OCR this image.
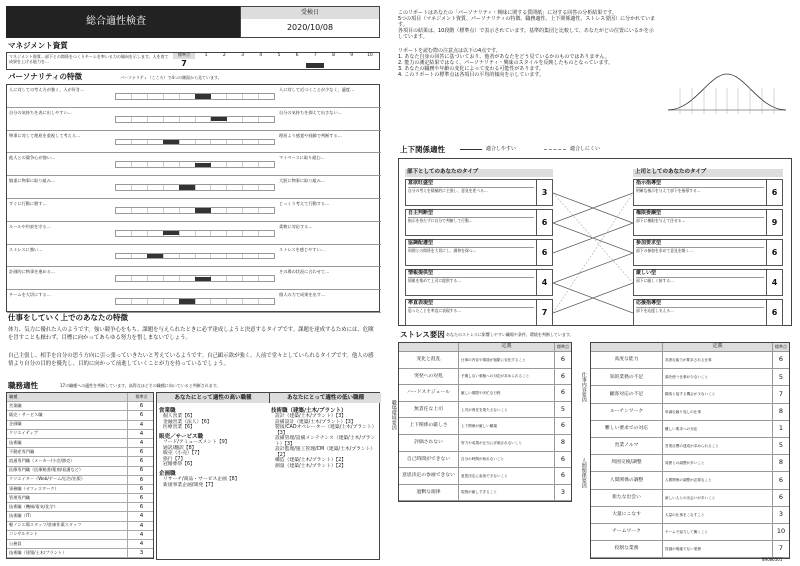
総合適性検査
受検日
2020/10/08
マネジメント資質
マネジメント資質…部下との関係をつくりチームを率いる力の傾向を示します。人を育て成果を上げる能力を…
標準点
7
1	2	3	4	5	6	7	8	9	10
パーソナリティの特徴	パーソナリティ（こころ）で4つの側面から見ています。
人に対しての考え方が強く、人が好き…	人に対して近づくことが少なく、適度…
自分の気持ちを表に出しやすい…	自分の気持ちを抑えて出さない…
物事に対して理屈を重視して考える…	理屈より感覚や経験で判断する…
他人との競争心が強い…	マイペースに取り組む…
慎重に物事に取り組み…	大胆に物事に取り組み…
すぐに行動に移す…	じっくり考えて行動する…
ルールや約束を守る…	柔軟に対応する…
ストレスに強い…	ストレスを感じやすい…
計画的に物事を進める…	その場の状況に合わせて…
チームを大切にする…	個人の力で成果を出す…
仕事をしていく上でのあなたの特徴
体力、気力に優れた人のようです。強い競争心をもち、課題を与えられたときに必ず達成しようと決意するタイプです。課題を達成するためには、危険を冒すことも厭わず、目標に向かってあらゆる努力を惜しまないでしょう。
自己主張し、相手を自分の思う方向に引っ張っていきたいと考えているようです。自己顕示欲が強く、人前で堂々としていられるタイプです。他人の感情より自分の目的を優先し、目的に向かって前進していくことが力を持っているでしょう。
職務適性	17の職種への適性を判断しています。高得点ほどその職種に向いていると判断されます。
職種	標準点
営業職	6
販売・サービス職	6
企画職	4
クリエイティブ	4
技術職	4
不動産専門職	6
流通専門職（メーカー/小売/卸売）	6
医療専門職（医療秘書/薬剤/看護など）	6
クリエイター（Web/ゲーム/広告/出版）	6
事務職（オフィスワーク）	6
管理専門職	6
技術職（機械/電気/化学）	6
技術職（IT）	4
軽ノンエ場スタッフ/倉庫作業スタッフ	4
コンサルタント	4
公務員	4
技術職（建築/土木/プラント）	3
あなたにとって適性の高い職種	あなたにとって適性の低い職種
営業職
個人営業【6】
金融営業（法人）【6】
医療営業【6】
販売／サービス職
フード/アミューズメント【9】
通訳/翻訳【8】
販売（小売）【7】
旅行【7】
冠婚葬祭【6】
企画職
リサーチ/商品・サービス企画【8】
新規事業企画/開発【7】
技術職（建築/土木/プラント）
設計（建築/土木/プラント）【3】
設備設計（建築/土木/プラント）【3】
製図/CADオペレーター（建築/土木/プラント）【3】
設備管理/設備メンテナンス（建築/土木/プラント）【3】
設計監理/施工管理/CM（建築/土木/プラント）【2】
構造（建築/土木/プラント）【2】
測量（建築/土木/プラント）【2】
このリポートはあなたの「パーソナリティ・興味に関する質問紙」に対する回答の分析結果です。
5つの項目（マネジメント資質、パーソナリティの特徴、職務適性、上下関係適性、ストレス要因）に分かれています。
各項目の結果は、10段階（標準点）で表示されています。基準的集団と比較して、あなたがどの位置にいるかを示しています。
リポートを読む際の注意点は以下の4点です。
1. あなた自身の回答に基づいており、他者があなたをどう見ているかのものではありません。
2. 能力の測定結果ではなく、パーソナリティ・興味のスタイルを反映したものとなっています。
3. あなたの職務や年齢の変化によって変わる可能性があります。
4. このリポートの標準点は各項目の平均的傾向を示しています。
上下関係適性	適合しやすい	適合しにくい
部下としてのあなたのタイプ	上司としてのあなたのタイプ
意欲旺盛型
自分の考えを積極的に主張し、意見を述べる…	3
自主判断型
指示を待たずに自分で判断して行動…	6
協調配慮型
周囲との関係を大切にし、調和を保つ…	6
情報提供型
情報を集めて上司に提供する…	4
率直表現型
思ったことを率直に表現する…	7
指示指導型
明確な指示を与えて部下を指導する…	6
権限委譲型
部下に権限を与えて任せる…	9
参加要求型
部下の参加を求めて意見を聞く…	6
厳しい型
部下に厳しく接する…	4
応援指導型
部下を応援し支える…	6
ストレス要因 あなたのストレスに影響しやすい職場や条件、環境を判断しています。
定義	標準点
変化と混乱	仕事の内容や環境が頻繁に変化すること	6
突発への対処	予期しない事態への対応が求められること	6
ハードスケジュール	厳しい期限や多忙な日程	6
無責任な上司	上司が責任を果たさないこと	5
上下関係の厳しさ	上下関係が厳しい職場	6
評価されない	努力や成果が正当に評価されないこと	8
自己時間ができない	自分の時間が取れないこと	6
意思決定の参画できない	意思決定に参加できないこと	6
過剰な規律	規則が厳しすぎること	3
定義	標準点
高度な能力	高度な能力が要求される仕事	6
知的業務の不足	頭を使う仕事が少ないこと	5
顧客対応の不足	顧客と接する機会が少ないこと	7
ルーチンワーク	単調な繰り返しの仕事	8
難しい要求での対応	難しい要求への対応	1
営業ノルマ	営業目標の達成が求められること	5
周囲交換/調整	周囲との調整が多いこと	8
人間関係の調整	人間関係の調整が必要なこと	6
新たな出会い	新しい人との出会いが多いこと	6
大量にこなす	大量の仕事をこなすこと	3
チームワーク	チームで協力して働くこと	10
役割な業務	役割が明確でない業務	7
仕事内容要因
人間関係要因
職場環境要因
89086501
